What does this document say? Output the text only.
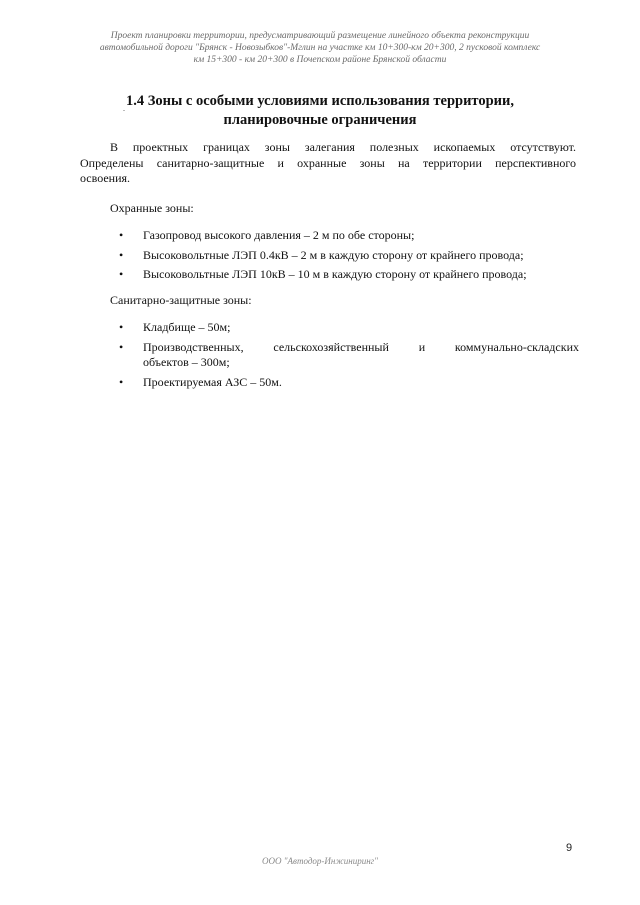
Проект планировки территории, предусматривающий размещение линейного объекта реконструкции
автомобильной дороги "Брянск - Новозыбков"-Мглин на участке км 10+300-км 20+300, 2 пусковой комплекс
км 15+300 - км 20+300 в Почепском районе Брянской области
1.4 Зоны с особыми условиями использования территории,
планировочные ограничения
В проектных границах зоны залегания полезных ископаемых отсутствуют.
Определены санитарно-защитные и охранные зоны на территории перспективного
освоения.
Охранные зоны:
• Газопровод высокого давления – 2 м по обе стороны;
• Высоковольтные ЛЭП 0.4кВ – 2 м в каждую сторону от крайнего провода;
• Высоковольтные ЛЭП 10кВ – 10 м в каждую сторону от крайнего провода;
Санитарно-защитные зоны:
• Кладбище – 50м;
• Производственных, сельскохозяйственный и коммунально-складских
объектов – 300м;
• Проектируемая АЗС – 50м.
9
ООО "Автодор-Инжиниринг"
